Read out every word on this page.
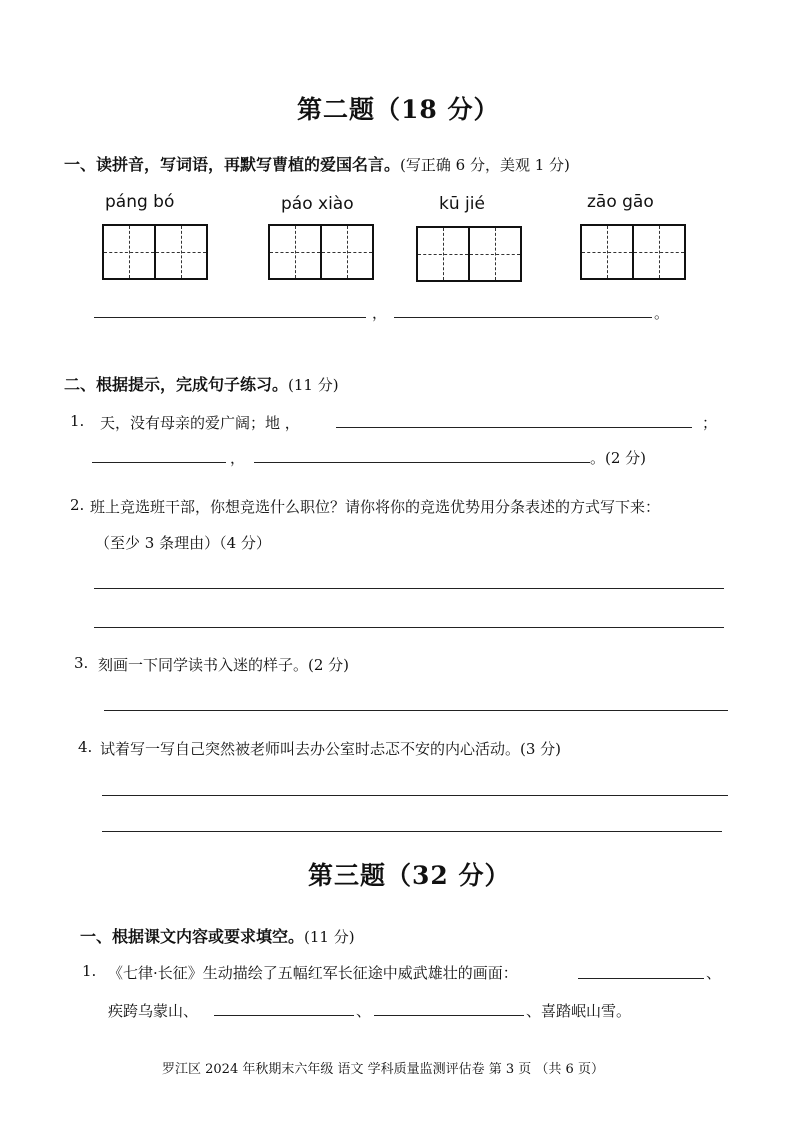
第二题（18 分）
一、读拼音，写词语，再默写曹植的爱国名言。(写正确 6 分，美观 1 分)
páng bó	páo xiào	kū jié	zāo gāo
，	。
二、根据提示，完成句子练习。(11 分)
1. 天，没有母亲的爱广阔；地 ，	；
，	。(2 分)
2. 班上竞选班干部，你想竞选什么职位？请你将你的竞选优势用分条表述的方式写下来：
（至少 3 条理由）（4 分）
3. 刻画一下同学读书入迷的样子。(2 分)
4. 试着写一写自己突然被老师叫去办公室时忐忑不安的内心活动。(3 分)
第三题（32 分）
一、根据课文内容或要求填空。(11 分)
1. 《七律·长征》生动描绘了五幅红军长征途中威武雄壮的画面：	、
疾跨乌蒙山、	、	、喜踏岷山雪。
罗江区 2024 年秋期末六年级 语文 学科质量监测评估卷 第 3 页 （共 6 页）
